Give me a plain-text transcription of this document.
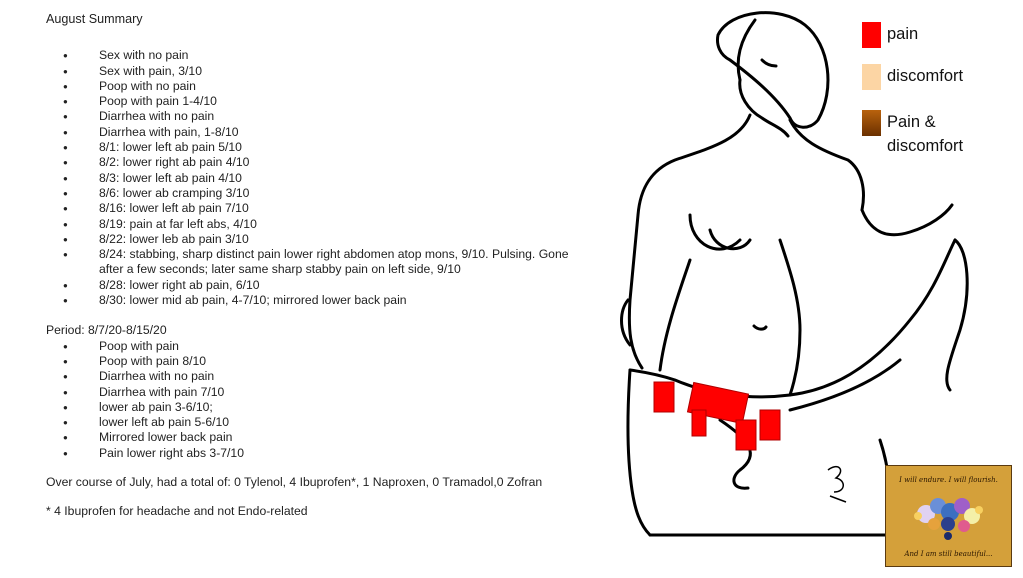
August Summary
● Sex with no pain
● Sex with pain, 3/10
● Poop with no pain
● Poop with pain 1-4/10
● Diarrhea with no pain
● Diarrhea with pain, 1-8/10
● 8/1: lower left ab pain 5/10
● 8/2: lower right ab pain 4/10
● 8/3: lower left ab pain 4/10
● 8/6: lower ab cramping 3/10
● 8/16: lower left ab pain 7/10
● 8/19: pain at far left abs, 4/10
● 8/22: lower leb ab pain 3/10
● 8/24: stabbing, sharp distinct pain lower right abdomen atop mons, 9/10. Pulsing. Gone after a few seconds; later same sharp stabby pain on left side, 9/10
● 8/28: lower right ab pain, 6/10
● 8/30: lower mid ab pain, 4-7/10; mirrored lower back pain
Period: 8/7/20-8/15/20
● Poop with pain
● Poop with pain 8/10
● Diarrhea with no pain
● Diarrhea with pain 7/10
● lower ab pain 3-6/10;
● lower left ab pain 5-6/10
● Mirrored lower back pain
● Pain lower right abs 3-7/10
Over course of July, had a total of: 0 Tylenol, 4 Ibuprofen*, 1 Naproxen, 0 Tramadol,0 Zofran
* 4 Ibuprofen for headache and not Endo-related
pain
discomfort
Pain & discomfort
I will endure. I will flourish.
And I am still beautiful...
